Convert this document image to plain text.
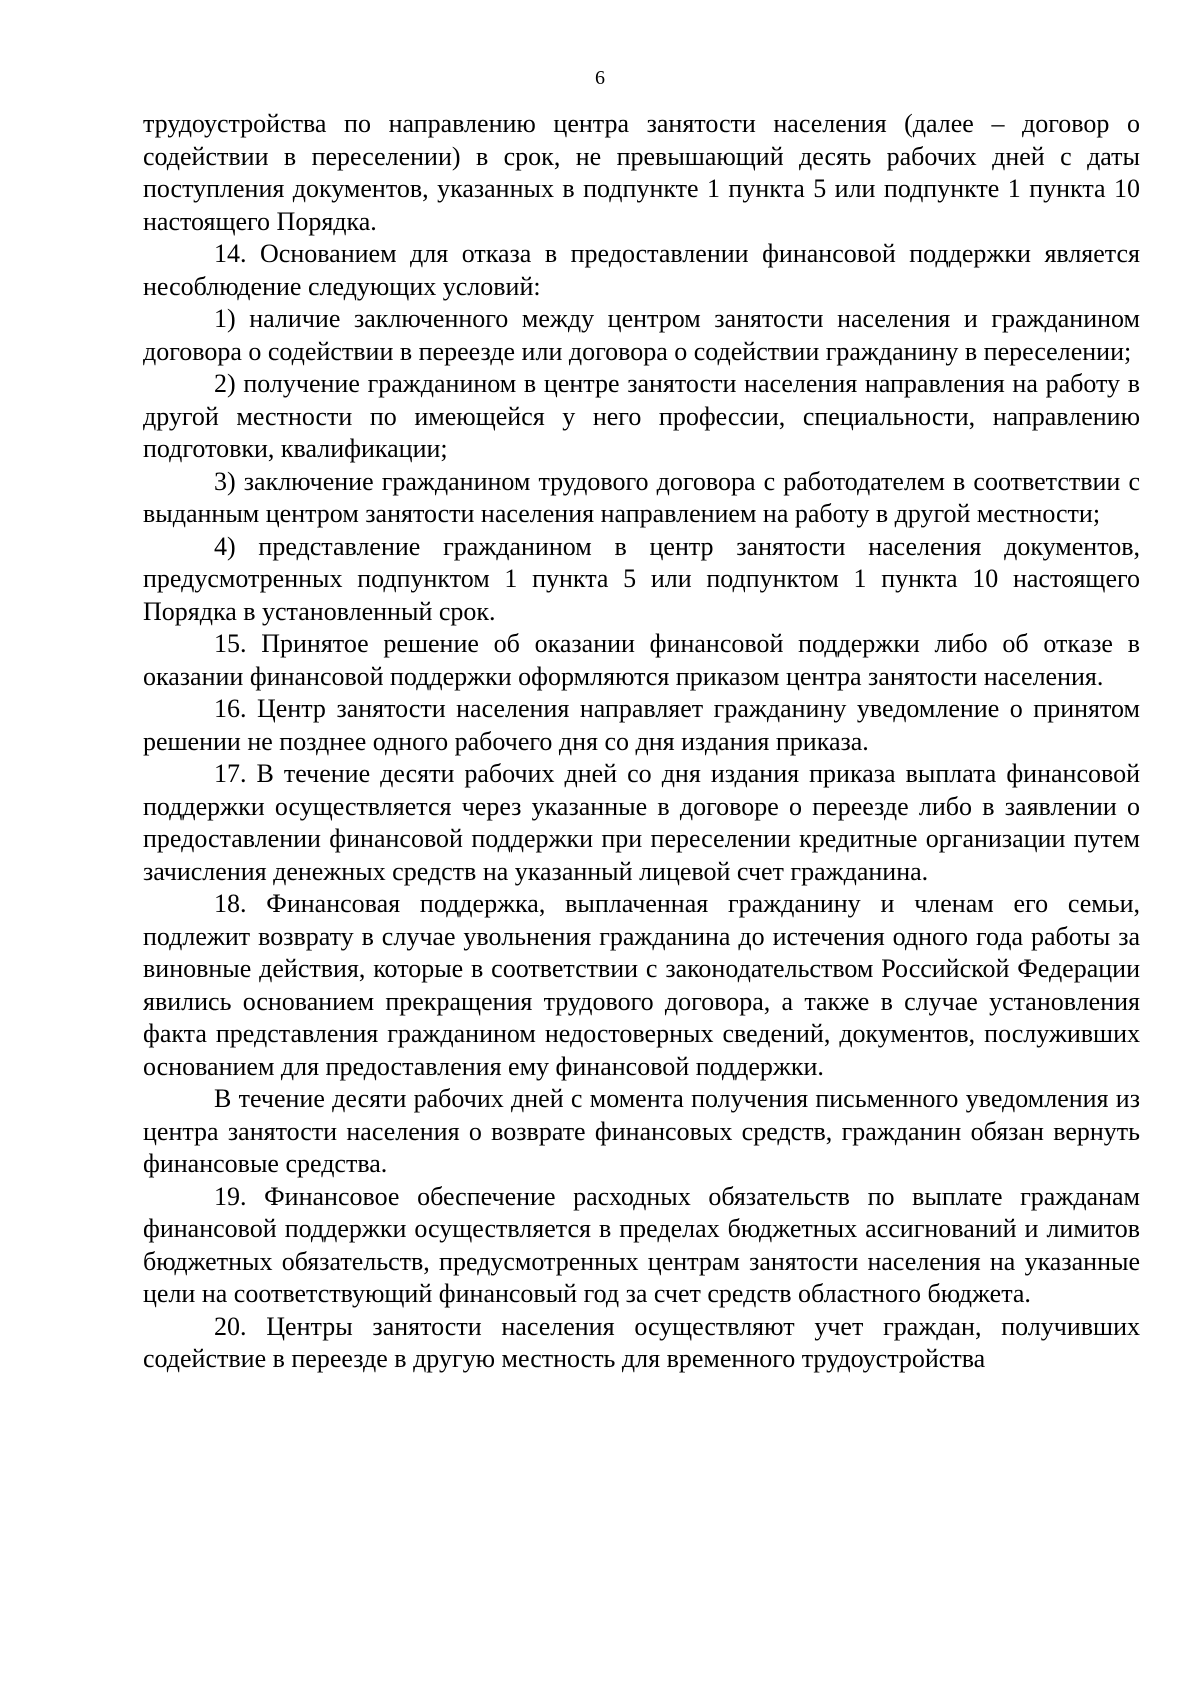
6

трудоустройства по направлению центра занятости населения (далее – договор о содействии в переселении) в срок, не превышающий десять рабочих дней с даты поступления документов, указанных в подпункте 1 пункта 5 или подпункте 1 пункта 10 настоящего Порядка.

14. Основанием для отказа в предоставлении финансовой поддержки является несоблюдение следующих условий:

1) наличие заключенного между центром занятости населения и гражданином договора о содействии в переезде или договора о содействии гражданину в переселении;

2) получение гражданином в центре занятости населения направления на работу в другой местности по имеющейся у него профессии, специальности, направлению подготовки, квалификации;

3) заключение гражданином трудового договора с работодателем в соответствии с выданным центром занятости населения направлением на работу в другой местности;

4) представление гражданином в центр занятости населения документов, предусмотренных подпунктом 1 пункта 5 или подпунктом 1 пункта 10 настоящего Порядка в установленный срок.

15. Принятое решение об оказании финансовой поддержки либо об отказе в оказании финансовой поддержки оформляются приказом центра занятости населения.

16. Центр занятости населения направляет гражданину уведомление о принятом решении не позднее одного рабочего дня со дня издания приказа.

17. В течение десяти рабочих дней со дня издания приказа выплата финансовой поддержки осуществляется через указанные в договоре о переезде либо в заявлении о предоставлении финансовой поддержки при переселении кредитные организации путем зачисления денежных средств на указанный лицевой счет гражданина.

18. Финансовая поддержка, выплаченная гражданину и членам его семьи, подлежит возврату в случае увольнения гражданина до истечения одного года работы за виновные действия, которые в соответствии с законодательством Российской Федерации явились основанием прекращения трудового договора, а также в случае установления факта представления гражданином недостоверных сведений, документов, послуживших основанием для предоставления ему финансовой поддержки.

В течение десяти рабочих дней с момента получения письменного уведомления из центра занятости населения о возврате финансовых средств, гражданин обязан вернуть финансовые средства.

19. Финансовое обеспечение расходных обязательств по выплате гражданам финансовой поддержки осуществляется в пределах бюджетных ассигнований и лимитов бюджетных обязательств, предусмотренных центрам занятости населения на указанные цели на соответствующий финансовый год за счет средств областного бюджета.

20. Центры занятости населения осуществляют учет граждан, получивших содействие в переезде в другую местность для временного трудоустройства
